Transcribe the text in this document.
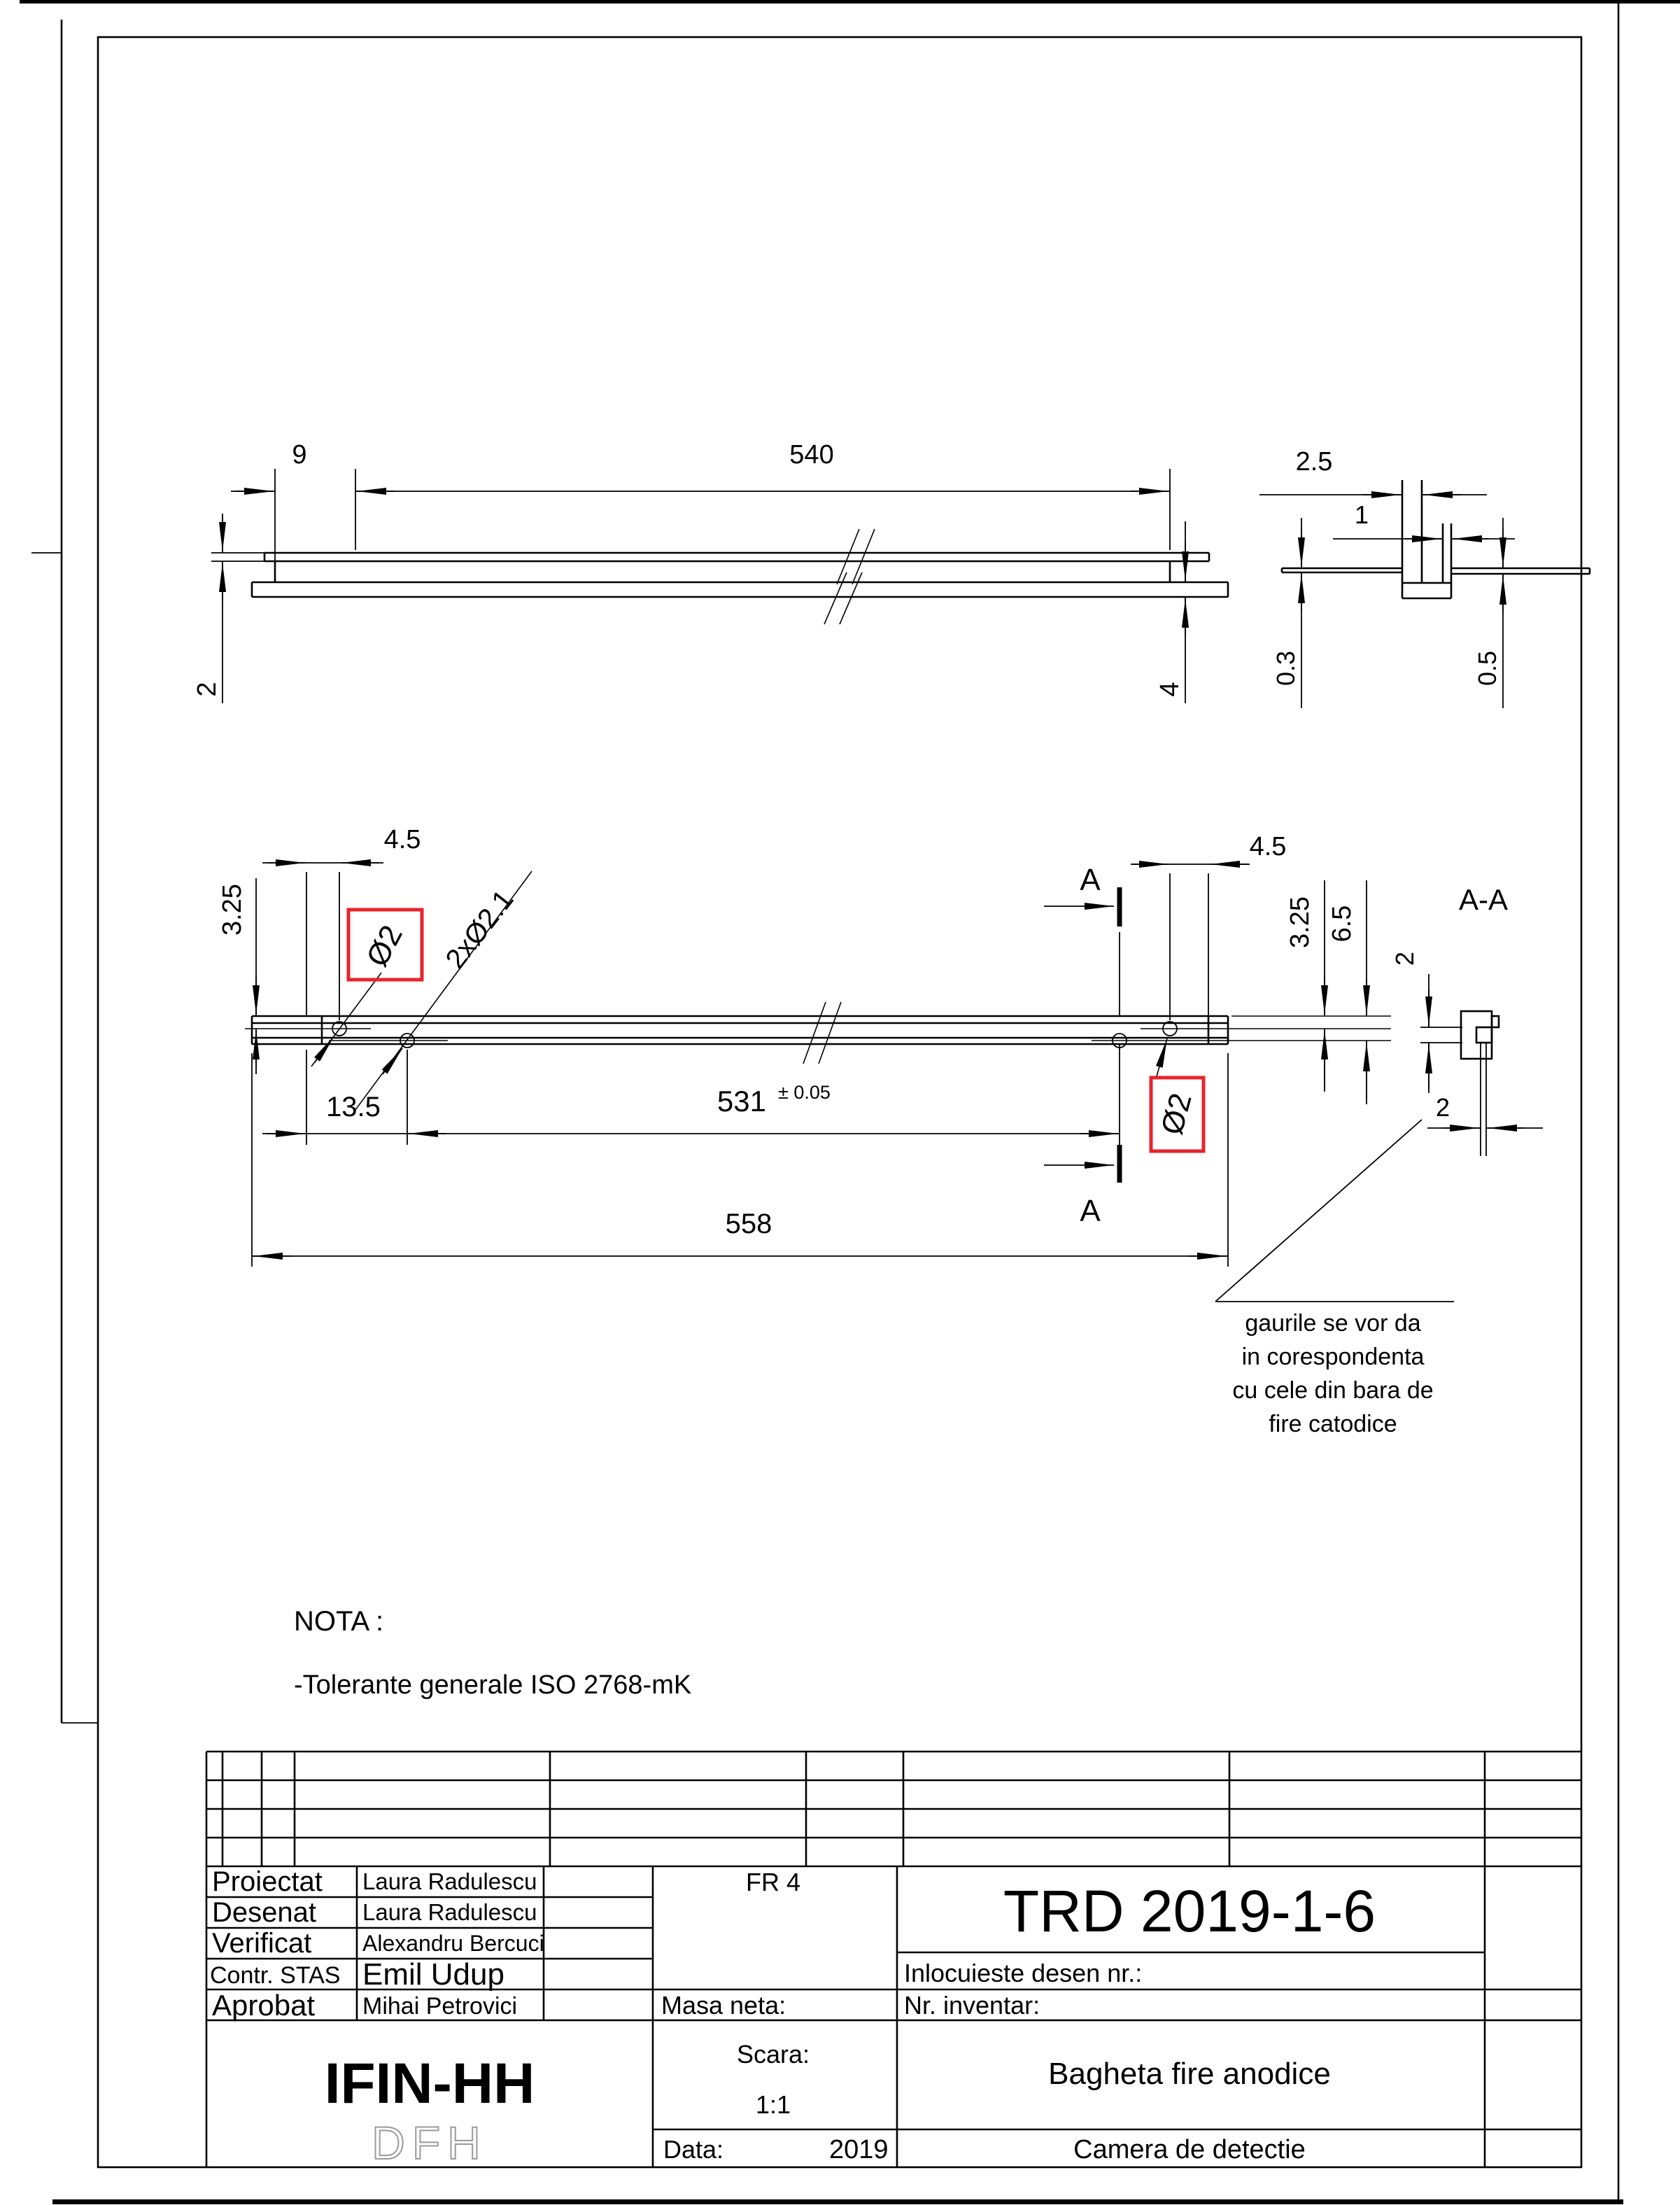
9	540
2	4
2.5
1
0.3	0.5
4.5	4.5
3.25	3.25 6.5
Ø2
Ø2
2xØ2.1
13.5	531 ± 0.05
558
A
A
A-A
2
2
gaurile se vor da
in corespondenta
cu cele din bara de
fire catodice
NOTA :
-Tolerante generale ISO 2768-mK
Proiectat Laura Radulescu
Desenat Laura Radulescu
Verificat Alexandru Bercuci
Contr. STAS Emil Udup
Aprobat Mihai Petrovici
FR 4
Masa neta:
TRD 2019-1-6
Inlocuieste desen nr.:
Nr. inventar:
IFIN-HH
DFH
Scara:
1:1
Data:	2019
Bagheta fire anodice
Camera de detectie
